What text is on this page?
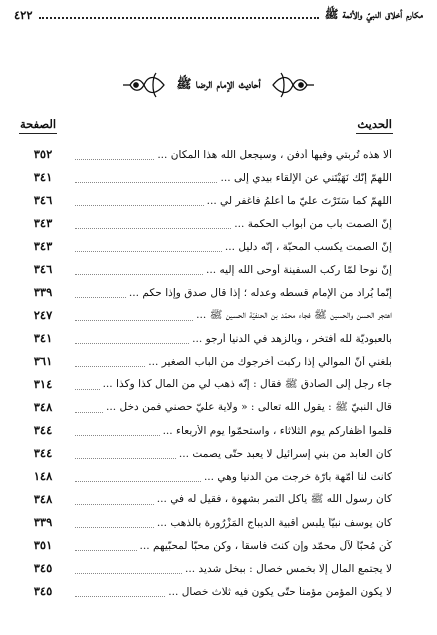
مكارم أخلاق النبيّ والأئمة ﷺ
٤٢٢
أحاديث الإمام الرضا ﷺ
الحديث
الصفحة
ألا هذه تُربتي وفيها أُدفن ، وسيجعل الله هذا المكان ...
٣٥٢
اللهمّ إنّك نَهَيْتَني عن الإلقاء بيدي إلى ...
٣٤١
اللهمّ كما سَتَرْتَ عليّ ما أعلمُ فاغفر لي ...
٣٤٦
إنّ الصمت باب من أبواب الحكمة ...
٣٤٣
إنّ الصمت يكسب المحبّة ، إنّه دليل ...
٣٤٣
إنّ نوحاً لمّا ركب السفينة أوحى الله إليه ...
٣٤٦
إنّما يُراد من الإمام قسطه وعدله ؛ إذا قال صدق وإذا حكم ...
٣٣٩
اهتجر الحسن والحسين ﷺ فجاء محمّد بن الحنفيّة الحسين ﷺ ...
٢٤٧
بالعبوديّة لله أفتخر ، وبالزهد في الدنيا أرجو ...
٣٤١
بلغني أنّ الموالي إذا ركبت أخرجوك من الباب الصغير ...
٣٦١
جاء رجل إلى الصادق ﷺ فقال : إنّه ذهب لي من المال كذا وكذا ...
٣١٤
قال النبيّ ﷺ : يقول الله تعالى : « ولاية عليّ حصني فمن دخل ...
٣٤٨
قلّموا أظفاركم يوم الثلاثاء ، واستحمّوا يوم الأربعاء ...
٣٤٤
كان العابد من بني إسرائيل لا يعبد حتّى يصمت ...
٣٤٤
كانت لنا أُمّهة بارّة خرجت من الدنيا وهي ...
١٤٨
كان رسول الله ﷺ يأكل التمر بشهوة ، فقيل له في ...
٣٤٨
كان يوسف نبيّاً يلبس أقبية الديباج المَزْرُورة بالذهب ...
٣٣٩
كُن مُحبّاً لآل محمّد وإن كنتَ فاسقاً ، وكن محبّاً لمحبّيهم ...
٣٥١
لا يجتمع المال إلّا بخمس خصال : ببخل شديد ...
٣٤٥
لا يكون المؤمن مؤمناً حتّى يكون فيه ثلاث خصال ...
٣٤٥
